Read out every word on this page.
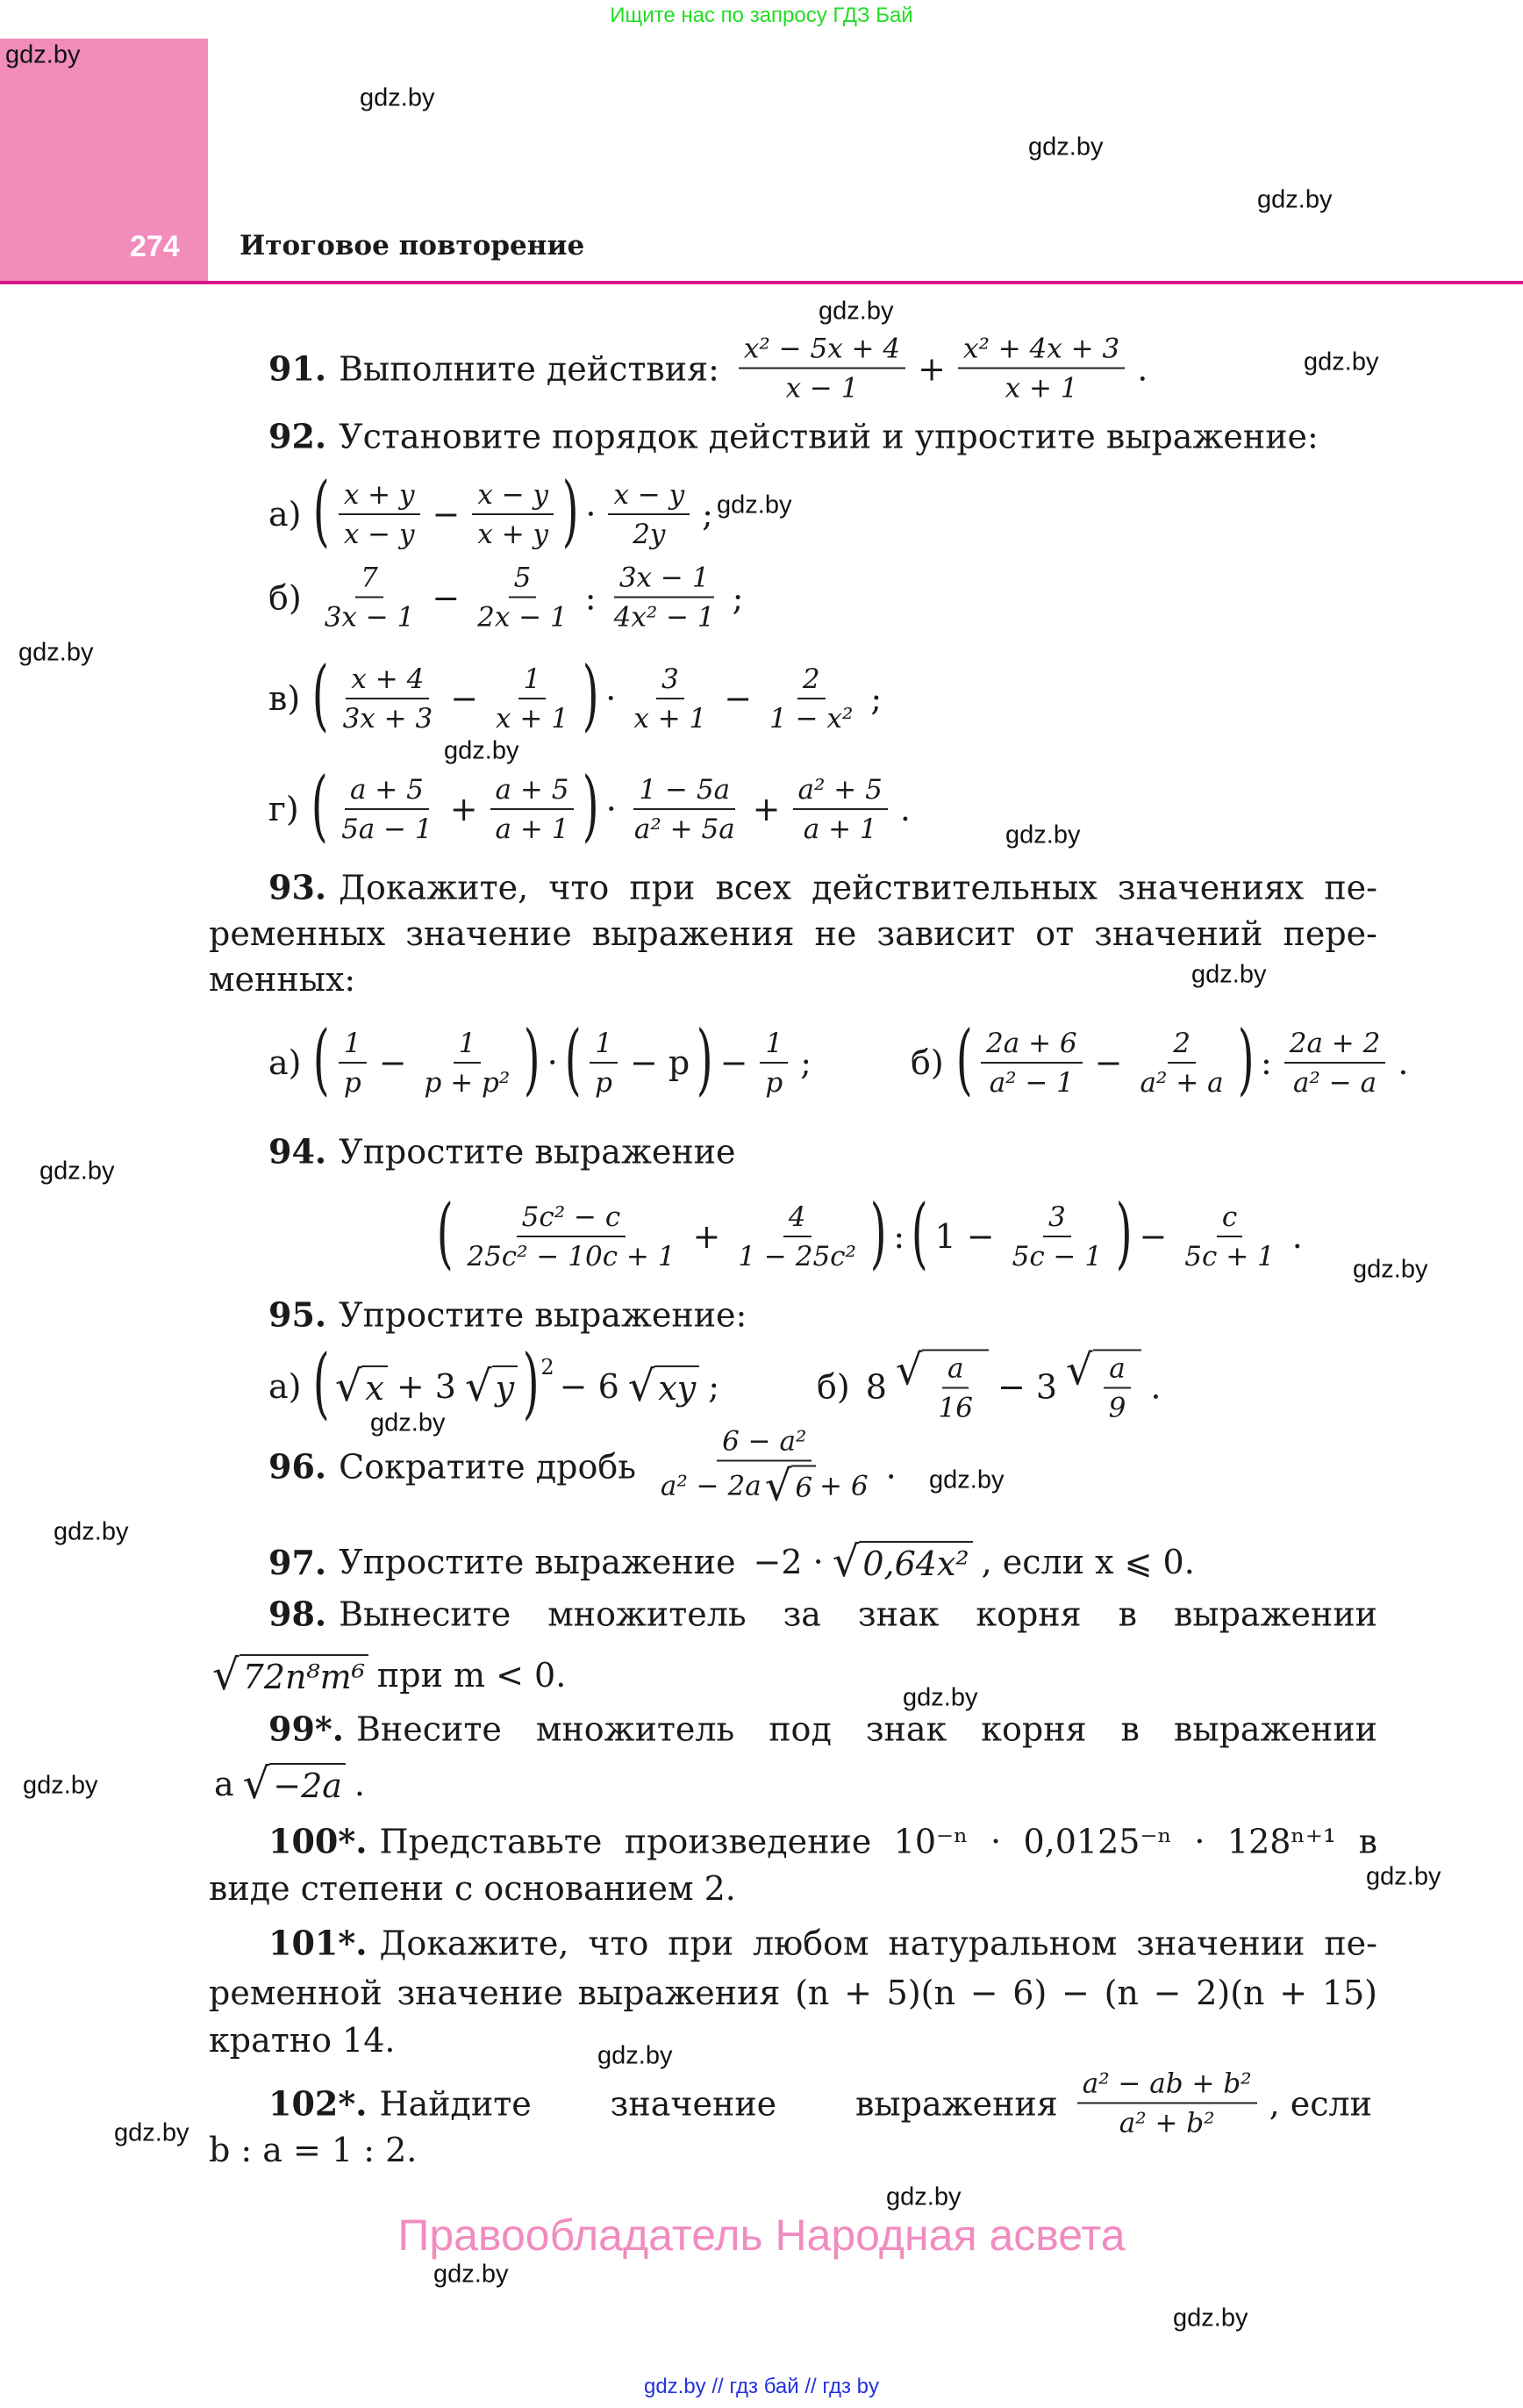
Ищите нас по запросу ГДЗ Бай
274 Итоговое повторение
gdz.by
gdz.by
gdz.by
gdz.by
gdz.by
gdz.by
gdz.by
gdz.by
gdz.by
gdz.by
gdz.by
gdz.by
gdz.by
gdz.by
gdz.by
gdz.by
gdz.by
gdz.by
gdz.by
gdz.by
gdz.by
gdz.by
gdz.by
gdz.by
91. Выполните действия: $\frac{\text{x² − 5x + 4}}{x - 1} + \frac{\text{x² + 4x + 3}}{x + 1}$ .
92. Установите порядок действий и упростите выражение:
а) ( $\frac{x + y}{x - y} - \frac{x - y}{x + y}$ ) · $\frac{x - y}{2y}$ ;
$б) \frac{7}{3x - 1} - \frac{5}{2x - 1}$ : $\frac{3x - 1}{\text{4x² − 1}}$ ;
в) ( $\frac{x + 4}{3x + 3} - \frac{1}{x + 1}$ ) · $\frac{3}{x + 1} - \frac{2}{\text{1 − x²}}$ ;
г) ( $\frac{a + 5}{5a - 1} + \frac{a + 5}{a + 1}$ ) · $\frac{1 - 5a}{\text{a² + 5a}} + \frac{\text{a² + 5}}{a + 1}$ .
93. Докажите, что при всех действительных значениях пе-
ременных значение выражения не зависит от значений пере-
менных:
а) ( $\frac{1}{p} - \frac{1}{\text{p + p²}}$ ) · ( $\frac{1}{p} - p$ ) − $\frac{1}{p}$ ;	б) ( $\frac{2a + 6}{\text{a² − 1}} - \frac{2}{\text{a² + a}}$ ) : $\frac{2a + 2}{\text{a² − a}}$ .
94. Упростите выражение
( $\frac{\text{5c² − c}}{\text{25c² − 10c + 1}} + \frac{4}{\text{1 − 25c²}}$ ) : ( $1 - \frac{3}{5c - 1}$ ) − $\frac{c}{5c + 1}$ .
95. Упростите выражение:
а) ( √ x + 3 √ y ) 2 − 6 √ xy ;	б) 8 √ $\frac{a}{16} - 3$ √ $\frac{a}{9}$ .
96. Сократите дробь $\frac{\text{6 − a²}}{\text{a² − 2a √ 6 + 6}}$ .
97. Упростите выражение −2 · √ 0,64x² , если x ⩽ 0.
98. Вынесите множитель за знак корня в выражении
√ 72n⁸m⁶ при m < 0.
99*. Внесите множитель под знак корня в выражении
a √ −2a .
100*. Представьте произведение 10⁻ⁿ · 0,0125⁻ⁿ · 128ⁿ⁺¹ в
виде степени с основанием 2.
101*. Докажите, что при любом натуральном значении пе-
ременной значение выражения (n + 5)(n − 6) − (n − 2)(n + 15)
кратно 14.
102*. Найдите значение выражения $\frac{\text{a² − ab + b²}}{\text{a² + b²}}$ , если
b : a = 1 : 2.
Правообладатель Народная асвета
gdz.by // гдз бай // гдз by
